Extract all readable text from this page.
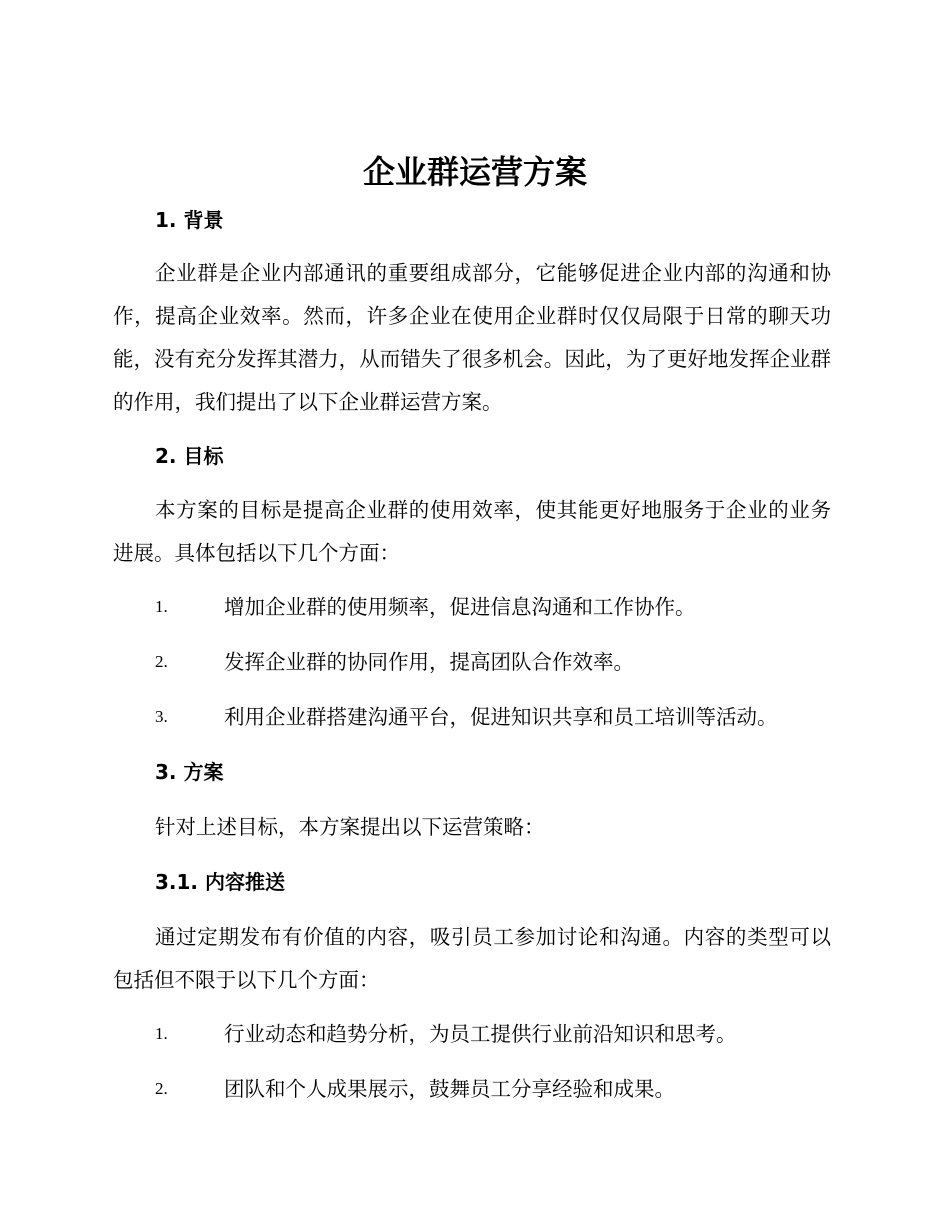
企业群运营方案
1. 背景
企业群是企业内部通讯的重要组成部分，它能够促进企业内部的沟通和协作，提高企业效率。然而，许多企业在使用企业群时仅仅局限于日常的聊天功能，没有充分发挥其潜力，从而错失了很多机会。因此，为了更好地发挥企业群的作用，我们提出了以下企业群运营方案。
2. 目标
本方案的目标是提高企业群的使用效率，使其能更好地服务于企业的业务进展。具体包括以下几个方面：
1.	增加企业群的使用频率，促进信息沟通和工作协作。
2.	发挥企业群的协同作用，提高团队合作效率。
3.	利用企业群搭建沟通平台，促进知识共享和员工培训等活动。
3. 方案
针对上述目标，本方案提出以下运营策略：
3.1. 内容推送
通过定期发布有价值的内容，吸引员工参加讨论和沟通。内容的类型可以包括但不限于以下几个方面：
1.	行业动态和趋势分析，为员工提供行业前沿知识和思考。
2.	团队和个人成果展示，鼓舞员工分享经验和成果。
